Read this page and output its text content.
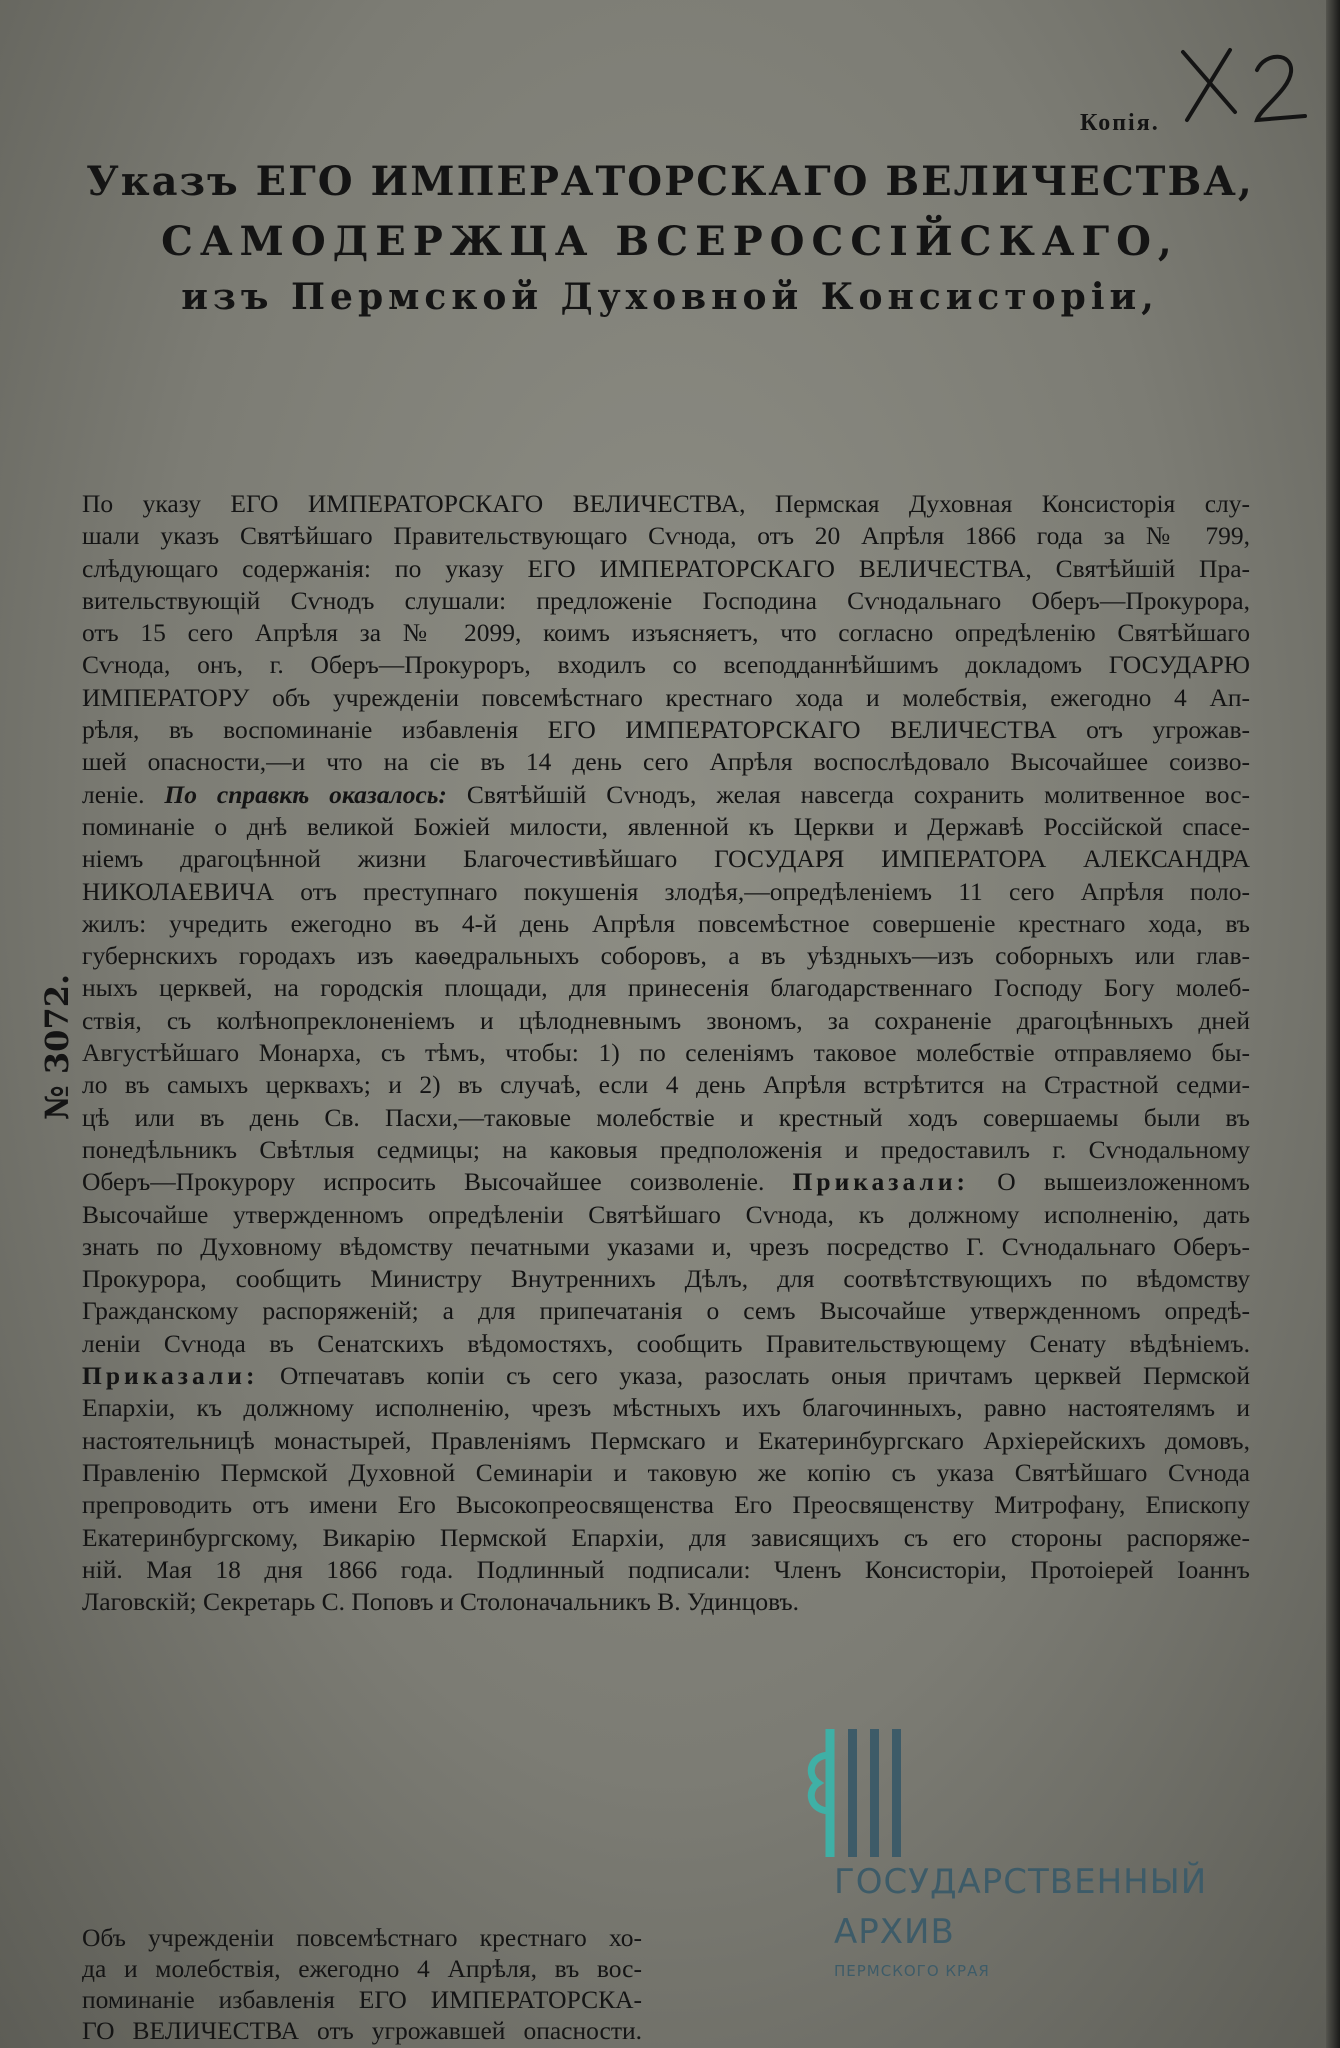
Копія.
Указъ ЕГО ИМПЕРАТОРСКАГО ВЕЛИЧЕСТВА,
САМОДЕРЖЦА ВСЕРОССІЙСКАГО,
изъ Пермской Духовной Консисторіи,
№ 3072.
По указу ЕГО ИМПЕРАТОРСКАГО ВЕЛИЧЕСТВА, Пермская Духовная Консисторія слу-
шали указъ Святѣйшаго Правительствующаго Сѵнода, отъ 20 Апрѣля 1866 года за № 799,
слѣдующаго содержанія: по указу ЕГО ИМПЕРАТОРСКАГО ВЕЛИЧЕСТВА, Святѣйшій Пра-
вительствующій Сѵнодъ слушали: предложеніе Господина Сѵнодальнаго Оберъ—Прокурора,
отъ 15 сего Апрѣля за № 2099, коимъ изъясняетъ, что согласно опредѣленію Святѣйшаго
Сѵнода, онъ, г. Оберъ—Прокуроръ, входилъ со всеподданнѣйшимъ докладомъ ГОСУДАРЮ
ИМПЕРАТОРУ объ учрежденіи повсемѣстнаго крестнаго хода и молебствія, ежегодно 4 Ап-
рѣля, въ воспоминаніе избавленія ЕГО ИМПЕРАТОРСКАГО ВЕЛИЧЕСТВА отъ угрожав-
шей опасности,—и что на сіе въ 14 день сего Апрѣля воспослѣдовало Высочайшее соизво-
леніе. По справкѣ оказалось: Святѣйшій Сѵнодъ, желая навсегда сохранить молитвенное вос-
поминаніе о днѣ великой Божіей милости, явленной къ Церкви и Державѣ Россійской спасе-
ніемъ драгоцѣнной жизни Благочестивѣйшаго ГОСУДАРЯ ИМПЕРАТОРА АЛЕКСАНДРА
НИКОЛАЕВИЧА отъ преступнаго покушенія злодѣя,—опредѣленіемъ 11 сего Апрѣля поло-
жилъ: учредить ежегодно въ 4-й день Апрѣля повсемѣстное совершеніе крестнаго хода, въ
губернскихъ городахъ изъ каѳедральныхъ соборовъ, а въ уѣздныхъ—изъ соборныхъ или глав-
ныхъ церквей, на городскія площади, для принесенія благодарственнаго Господу Богу молеб-
ствія, съ колѣнопреклоненіемъ и цѣлодневнымъ звономъ, за сохраненіе драгоцѣнныхъ дней
Августѣйшаго Монарха, съ тѣмъ, чтобы: 1) по селеніямъ таковое молебствіе отправляемо бы-
ло въ самыхъ церквахъ; и 2) въ случаѣ, если 4 день Апрѣля встрѣтится на Страстной седми-
цѣ или въ день Св. Пасхи,—таковые молебствіе и крестный ходъ совершаемы были въ
понедѣльникъ Свѣтлыя седмицы; на каковыя предположенія и предоставилъ г. Сѵнодальному
Оберъ—Прокурору испросить Высочайшее соизволеніе. Приказали: О вышеизложенномъ
Высочайше утвержденномъ опредѣленіи Святѣйшаго Сѵнода, къ должному исполненію, дать
знать по Духовному вѣдомству печатными указами и, чрезъ посредство Г. Сѵнодальнаго Оберъ-
Прокурора, сообщить Министру Внутреннихъ Дѣлъ, для соотвѣтствующихъ по вѣдомству
Гражданскому распоряженій; а для припечатанія о семъ Высочайше утвержденномъ опредѣ-
леніи Сѵнода въ Сенатскихъ вѣдомостяхъ, сообщить Правительствующему Сенату вѣдѣніемъ.
Приказали: Отпечатавъ копіи съ сего указа, разослать оныя причтамъ церквей Пермской
Епархіи, къ должному исполненію, чрезъ мѣстныхъ ихъ благочинныхъ, равно настоятелямъ и
настоятельницѣ монастырей, Правленіямъ Пермскаго и Екатеринбургскаго Архіерейскихъ домовъ,
Правленію Пермской Духовной Семинаріи и таковую же копію съ указа Святѣйшаго Сѵнода
препроводить отъ имени Его Высокопреосвященства Его Преосвященству Митрофану, Епископу
Екатеринбургскому, Викарію Пермской Епархіи, для зависящихъ съ его стороны распоряже-
ній. Мая 18 дня 1866 года. Подлинный подписали: Членъ Консисторіи, Протоіерей Іоаннъ
Лаговскій; Секретарь С. Поповъ и Столоначальникъ В. Удинцовъ.
ГОСУДАРСТВЕННЫЙ
АРХИВ
ПЕРМСКОГО КРАЯ
Объ учрежденіи повсемѣстнаго крестнаго хо-
да и молебствія, ежегодно 4 Апрѣля, въ вос-
поминаніе избавленія ЕГО ИМПЕРАТОРСКА-
ГО ВЕЛИЧЕСТВА отъ угрожавшей опасности.
